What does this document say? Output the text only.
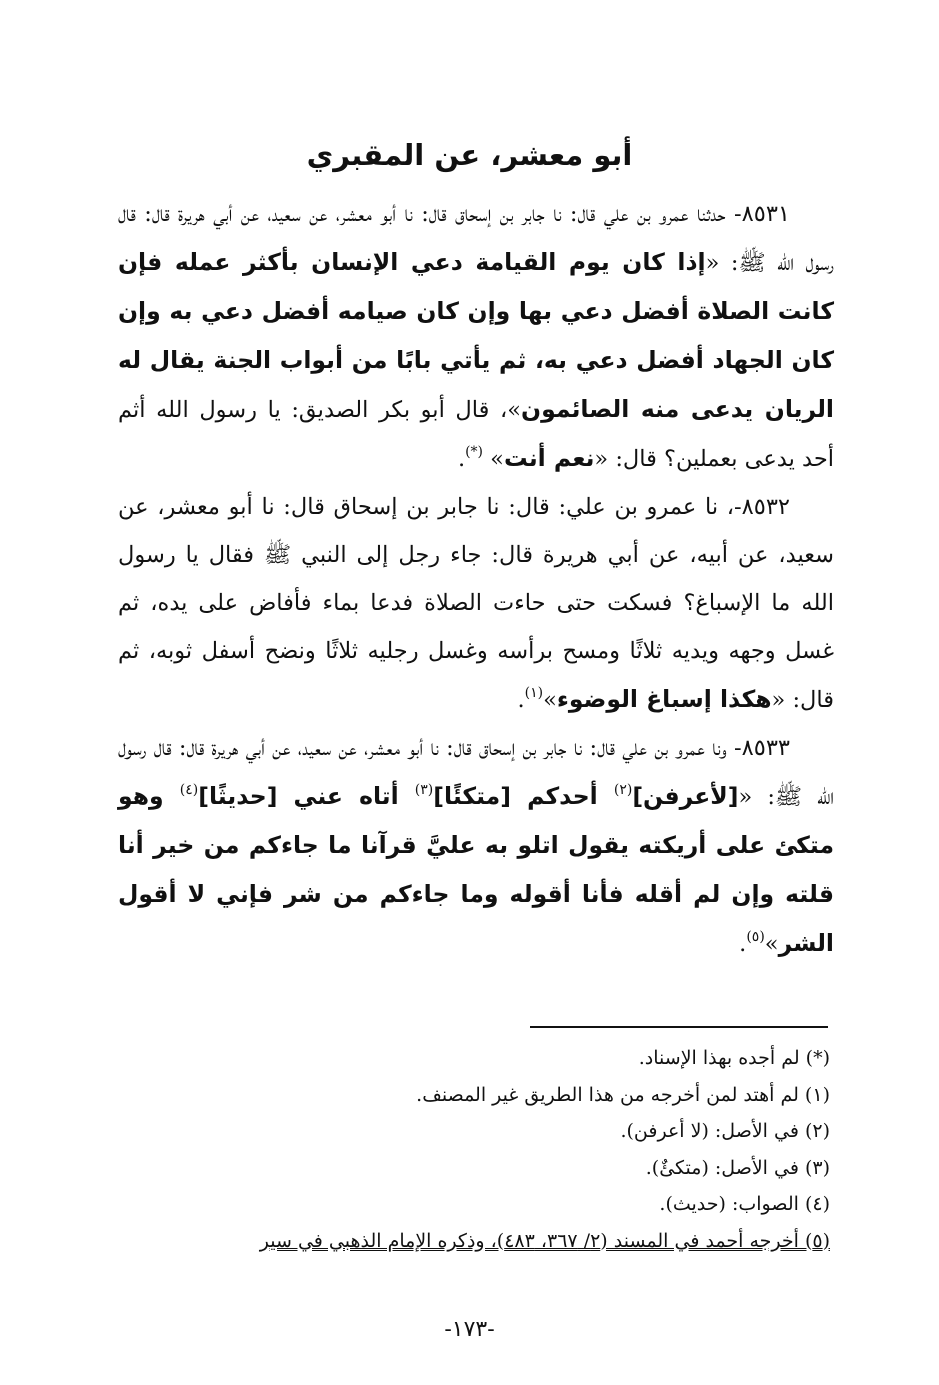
أبو معشر، عن المقبري

٨٥٣١- حدثنا عمرو بن علي قال: نا جابر بن إسحاق قال: نا أبو معشر، عن سعيد، عن أبي هريرة قال: قال رسول الله ﷺ: «إذا كان يوم القيامة دعي الإنسان بأكثر عمله فإن كانت الصلاة أفضل دعي بها وإن كان صيامه أفضل دعي به وإن كان الجهاد أفضل دعي به، ثم يأتي بابًا من أبواب الجنة يقال له الريان يدعى منه الصائمون»، قال أبو بكر الصديق: يا رسول الله أثم أحد يدعى بعملين؟ قال: «نعم أنت» (*).

٨٥٣٢-، نا عمرو بن علي: قال: نا جابر بن إسحاق قال: نا أبو معشر، عن سعيد، عن أبيه، عن أبي هريرة قال: جاء رجل إلى النبي ﷺ فقال يا رسول الله ما الإسباغ؟ فسكت حتى حاءت الصلاة فدعا بماء فأفاض على يده، ثم غسل وجهه ويديه ثلاثًا ومسح برأسه وغسل رجليه ثلاثًا ونضح أسفل ثوبه، ثم قال: «هكذا إسباغ الوضوء»$^{(١)}$.

٨٥٣٣- ونا عمرو بن علي قال: نا جابر بن إسحاق قال: نا أبو معشر، عن سعيد، عن أبي هريرة قال: قال رسول الله ﷺ: «[لأعرفن]$^{(٢)}$ أحدكم [متكئًا]$^{(٣)}$ أتاه عني [حديثًا]$^{(٤)}$ وهو متكئ على أريكته يقول اتلو به عليَّ قرآنا ما جاءكم من خير أنا قلته وإن لم أقله فأنا أقوله وما جاءكم من شر فإني لا أقول الشر»$^{(٥)}$.

(*) لم أجده بهذا الإسناد.

(١) لم أهتد لمن أخرجه من هذا الطريق غير المصنف.

(٢) في الأصل: (لا أعرفن).

(٣) في الأصل: (متكئٌ).

(٤) الصواب: (حديث).

(٥) أخرجه أحمد في المسند (٢/ ٣٦٧، ٤٨٣)، وذكره الإمام الذهبي في سير

-١٧٣-
